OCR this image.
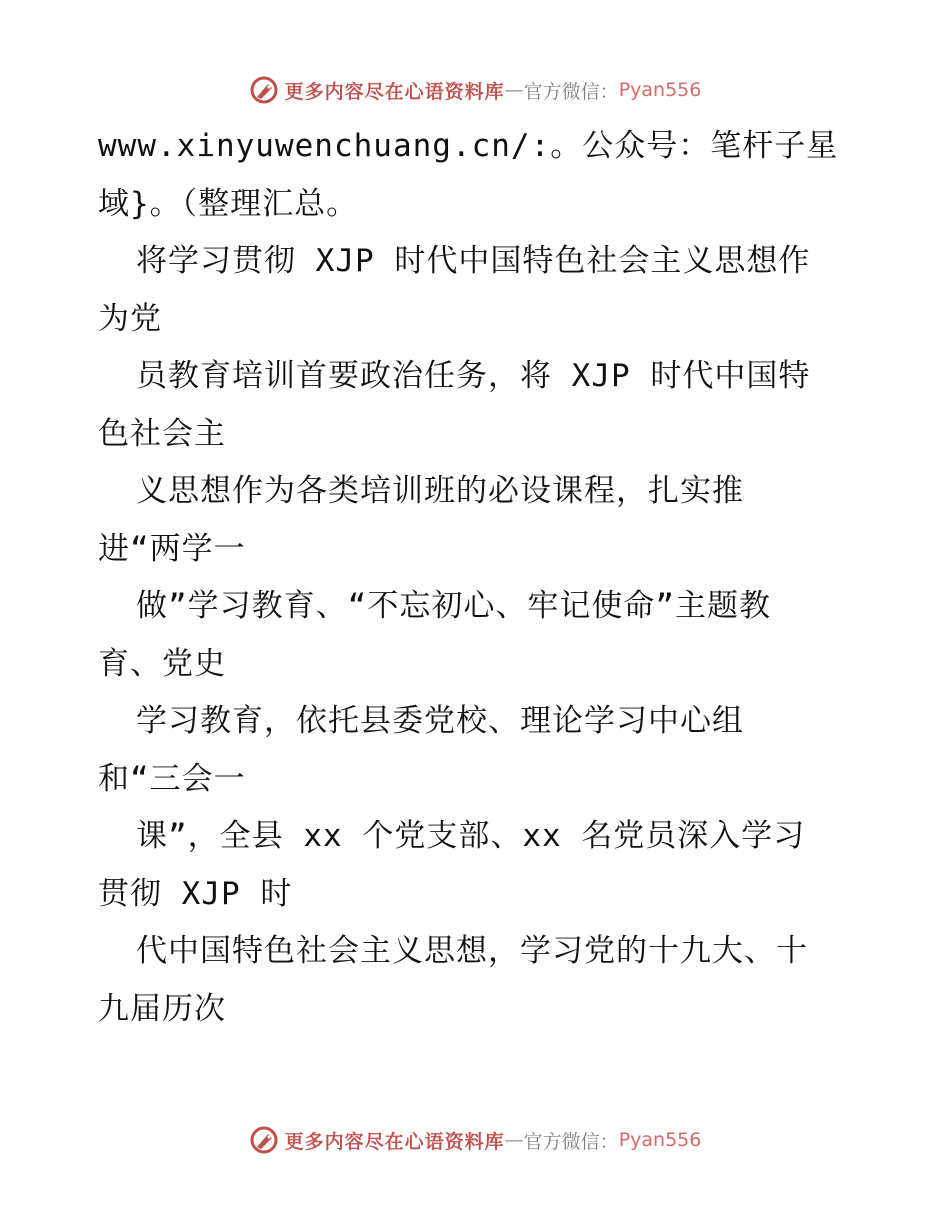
更多内容尽在心语资料库 — 官方微信： Pyan556
www.xinyuwenchuang.cn/:。公众号：笔杆子星
域}。（整理汇总。
将学习贯彻 XJP 时代中国特色社会主义思想作
为党
员教育培训首要政治任务，将 XJP 时代中国特
色社会主
义思想作为各类培训班的必设课程，扎实推
进“两学一
做”学习教育、“不忘初心、牢记使命”主题教
育、党史
学习教育，依托县委党校、理论学习中心组
和“三会一
课”，全县 xx 个党支部、xx 名党员深入学习
贯彻 XJP 时
代中国特色社会主义思想，学习党的十九大、十
九届历次
更多内容尽在心语资料库 — 官方微信： Pyan556
